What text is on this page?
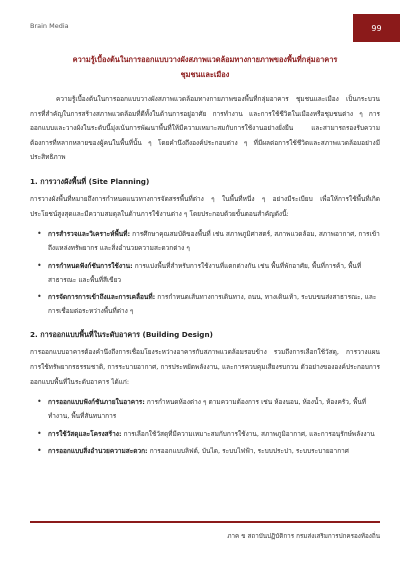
Brain Media	99
ความรู้เบื้องต้นในการออกแบบวางผังสภาพแวดล้อมทางกายภาพของพื้นที่กลุ่มอาคาร
ชุมชนและเมือง

ความรู้เบื้องต้นในการออกแบบวางผังสภาพแวดล้อมทางกายภาพของพื้นที่กลุ่มอาคาร ชุมชนและเมือง เป็นกระบวนการที่สำคัญในการสร้างสภาพแวดล้อมที่ดีทั้งในด้านการอยู่อาศัย การทำงาน และการใช้ชีวิตในเมืองหรือชุมชนต่าง ๆ การออกแบบและวางผังในระดับนี้มุ่งเน้นการพัฒนาพื้นที่ให้มีความเหมาะสมกับการใช้งานอย่างยั่งยืน และสามารถรองรับความต้องการที่หลากหลายของผู้คนในพื้นที่นั้น ๆ โดยคำนึงถึงองค์ประกอบต่าง ๆ ที่มีผลต่อการใช้ชีวิตและสภาพแวดล้อมอย่างมีประสิทธิภาพ

1. การวางผังพื้นที่ (Site Planning)

การวางผังพื้นที่หมายถึงการกำหนดแนวทางการจัดสรรพื้นที่ต่าง ๆ ในพื้นที่หนึ่ง ๆ อย่างมีระเบียบ เพื่อให้การใช้พื้นที่เกิดประโยชน์สูงสุดและมีความสมดุลในด้านการใช้งานต่าง ๆ โดยประกอบด้วยขั้นตอนสำคัญดังนี้:

• การสำรวจและวิเคราะห์พื้นที่: การศึกษาคุณสมบัติของพื้นที่ เช่น สภาพภูมิศาสตร์, สภาพแวดล้อม, สภาพอากาศ, การเข้าถึงแหล่งทรัพยากร และสิ่งอำนวยความสะดวกต่าง ๆ
• การกำหนดฟังก์ชันการใช้งาน: การแบ่งพื้นที่สำหรับการใช้งานที่แตกต่างกัน เช่น พื้นที่พักอาศัย, พื้นที่การค้า, พื้นที่สาธารณะ และพื้นที่สีเขียว
• การจัดการการเข้าถึงและการเคลื่อนที่: การกำหนดเส้นทางการเดินทาง, ถนน, ทางเดินเท้า, ระบบขนส่งสาธารณะ, และการเชื่อมต่อระหว่างพื้นที่ต่าง ๆ
2. การออกแบบพื้นที่ในระดับอาคาร (Building Design)

การออกแบบอาคารต้องคำนึงถึงการเชื่อมโยงระหว่างอาคารกับสภาพแวดล้อมรอบข้าง รวมถึงการเลือกใช้วัสดุ, การวางแผนการใช้ทรัพยากรธรรมชาติ, การระบายอากาศ, การประหยัดพลังงาน, และการควบคุมเสียงรบกวน ตัวอย่างขององค์ประกอบการออกแบบพื้นที่ในระดับอาคาร ได้แก่:

• การออกแบบฟังก์ชันภายในอาคาร: การกำหนดห้องต่าง ๆ ตามความต้องการ เช่น ห้องนอน, ห้องน้ำ, ห้องครัว, พื้นที่ทำงาน, พื้นที่สันทนาการ
• การใช้วัสดุและโครงสร้าง: การเลือกใช้วัสดุที่มีความเหมาะสมกับการใช้งาน, สภาพภูมิอากาศ, และการอนุรักษ์พลังงาน
• การออกแบบสิ่งอำนวยความสะดวก: การออกแบบลิฟต์, บันได, ระบบไฟฟ้า, ระบบประปา, ระบบระบายอากาศ
ภาค ข สถาบันปฏิบัติการ กรมส่งเสริมการปกครองท้องถิ่น
